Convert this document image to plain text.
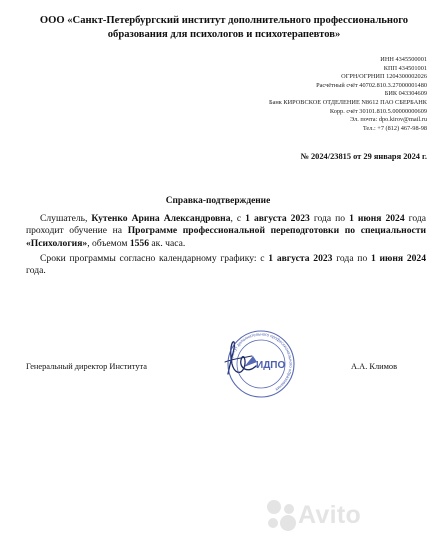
ООО «Санкт-Петербургский институт дополнительного профессионального
образования для психологов и психотерапевтов»
ИНН 4345500001
КПП 434501001
ОГРН/ОГРНИП 1204300002026
Расчётный счёт 40702.810.3.27000001480
БИК 043304609
Банк КИРОВСКОЕ ОТДЕЛЕНИЕ N8612 ПАО СБЕРБАНК
Корр. счёт 30101.810.5.00000000609
Эл. почта: dpo.kirov@mail.ru
Тел.: +7 (812) 467-98-98
№ 2024/23815 от 29 января 2024 г.
Справка-подтверждение
Слушатель, Кутенко Арина Александровна, с 1 августа 2023 года по 1 июня 2024 года проходит обучение на Программе профессиональной переподготовки по специальности «Психология», объемом 1556 ак. часа.
Сроки программы согласно календарному графику: с 1 августа 2023 года по 1 июня 2024 года.
Генеральный директор Института	Институт дополнительного профессионального образования
ИДПО	А.А. Климов
Avito
